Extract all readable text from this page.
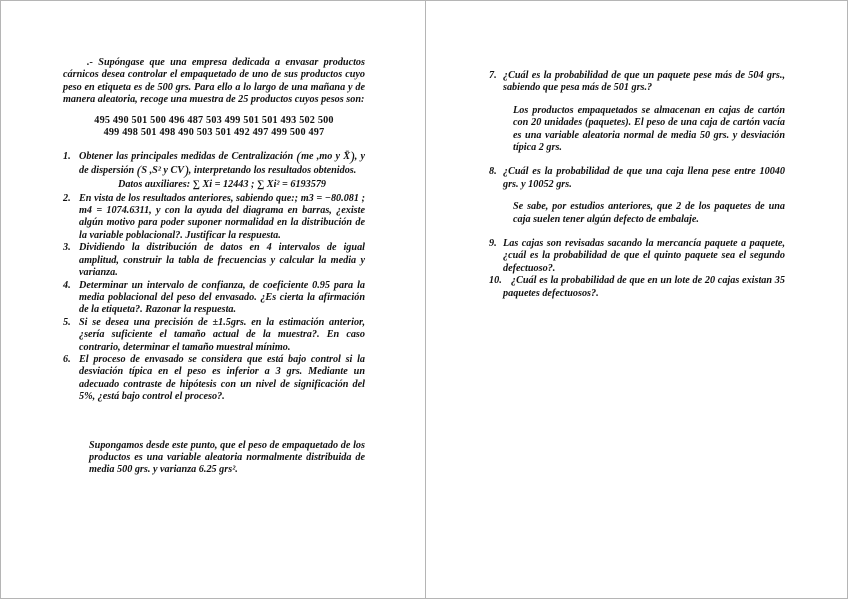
.- Supóngase que una empresa dedicada a envasar productos cárnicos desea controlar el empaquetado de uno de sus productos cuyo peso en etiqueta es de 500 grs. Para ello a lo largo de una mañana y de manera aleatoria, recoge una muestra de 25 productos cuyos pesos son:

495 490 501 500 496 487 503 499 501 501 493 502 500
499 498 501 498 490 503 501 492 497 499 500 497
1. Obtener las principales medidas de Centralización (me ,mo y X̄), y de dispersión (S ,S² y CV), interpretando los resultados obtenidos.
Datos auxiliares: ∑ Xi = 12443 ; ∑ Xi² = 6193579
2. En vista de los resultados anteriores, sabiendo que:; m3 = −80.081 ; m4 = 1074.6311, y con la ayuda del diagrama en barras, ¿existe algún motivo para poder suponer normalidad en la distribución de la variable poblacional?. Justificar la respuesta.
3. Dividiendo la distribución de datos en 4 intervalos de igual amplitud, construir la tabla de frecuencias y calcular la media y varianza.
4. Determinar un intervalo de confianza, de coeficiente 0.95 para la media poblacional del peso del envasado. ¿Es cierta la afirmación de la etiqueta?. Razonar la respuesta.
5. Si se desea una precisión de ±1.5grs. en la estimación anterior, ¿sería suficiente el tamaño actual de la muestra?. En caso contrario, determinar el tamaño muestral mínimo.
6. El proceso de envasado se considera que está bajo control si la desviación típica en el peso es inferior a 3 grs. Mediante un adecuado contraste de hipótesis con un nivel de significación del 5%, ¿está bajo control el proceso?.

Supongamos desde este punto, que el peso de empaquetado de los productos es una variable aleatoria normalmente distribuida de media 500 grs. y varianza 6.25 grs².

7. ¿Cuál es la probabilidad de que un paquete pese más de 504 grs., sabiendo que pesa más de 501 grs.?

Los productos empaquetados se almacenan en cajas de cartón con 20 unidades (paquetes). El peso de una caja de cartón vacía es una variable aleatoria normal de media 50 grs. y desviación típica 2 grs.

8. ¿Cuál es la probabilidad de que una caja llena pese entre 10040 grs. y 10052 grs.

Se sabe, por estudios anteriores, que 2 de los paquetes de una caja suelen tener algún defecto de embalaje.

9. Las cajas son revisadas sacando la mercancía paquete a paquete, ¿cuál es la probabilidad de que el quinto paquete sea el segundo defectuoso?.
10. ¿Cuál es la probabilidad de que en un lote de 20 cajas existan 35 paquetes defectuosos?.
